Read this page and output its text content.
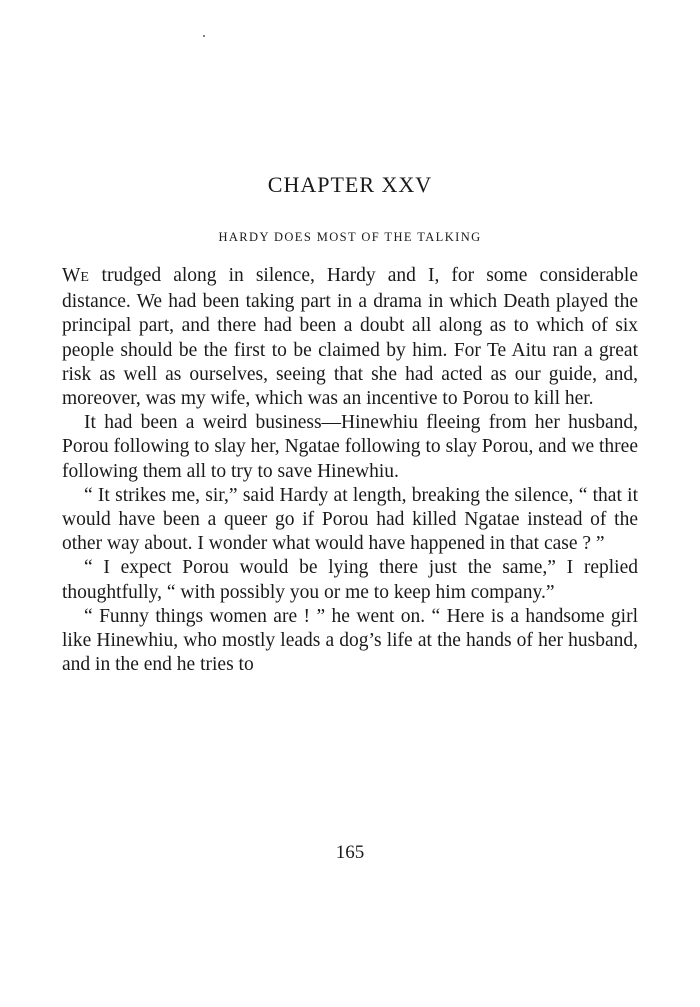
CHAPTER XXV
HARDY DOES MOST OF THE TALKING

WE trudged along in silence, Hardy and I, for some considerable distance. We had been taking part in a drama in which Death played the principal part, and there had been a doubt all along as to which of six people should be the first to be claimed by him. For Te Aitu ran a great risk as well as ourselves, seeing that she had acted as our guide, and, moreover, was my wife, which was an incentive to Porou to kill her.

It had been a weird business—Hinewhiu fleeing from her husband, Porou following to slay her, Ngatae following to slay Porou, and we three following them all to try to save Hinewhiu.

“ It strikes me, sir,” said Hardy at length, breaking the silence, “ that it would have been a queer go if Porou had killed Ngatae instead of the other way about. I wonder what would have happened in that case ? ”

“ I expect Porou would be lying there just the same,” I replied thoughtfully, “ with possibly you or me to keep him company.”

“ Funny things women are ! ” he went on. “ Here is a handsome girl like Hinewhiu, who mostly leads a dog’s life at the hands of her husband, and in the end he tries to

165
